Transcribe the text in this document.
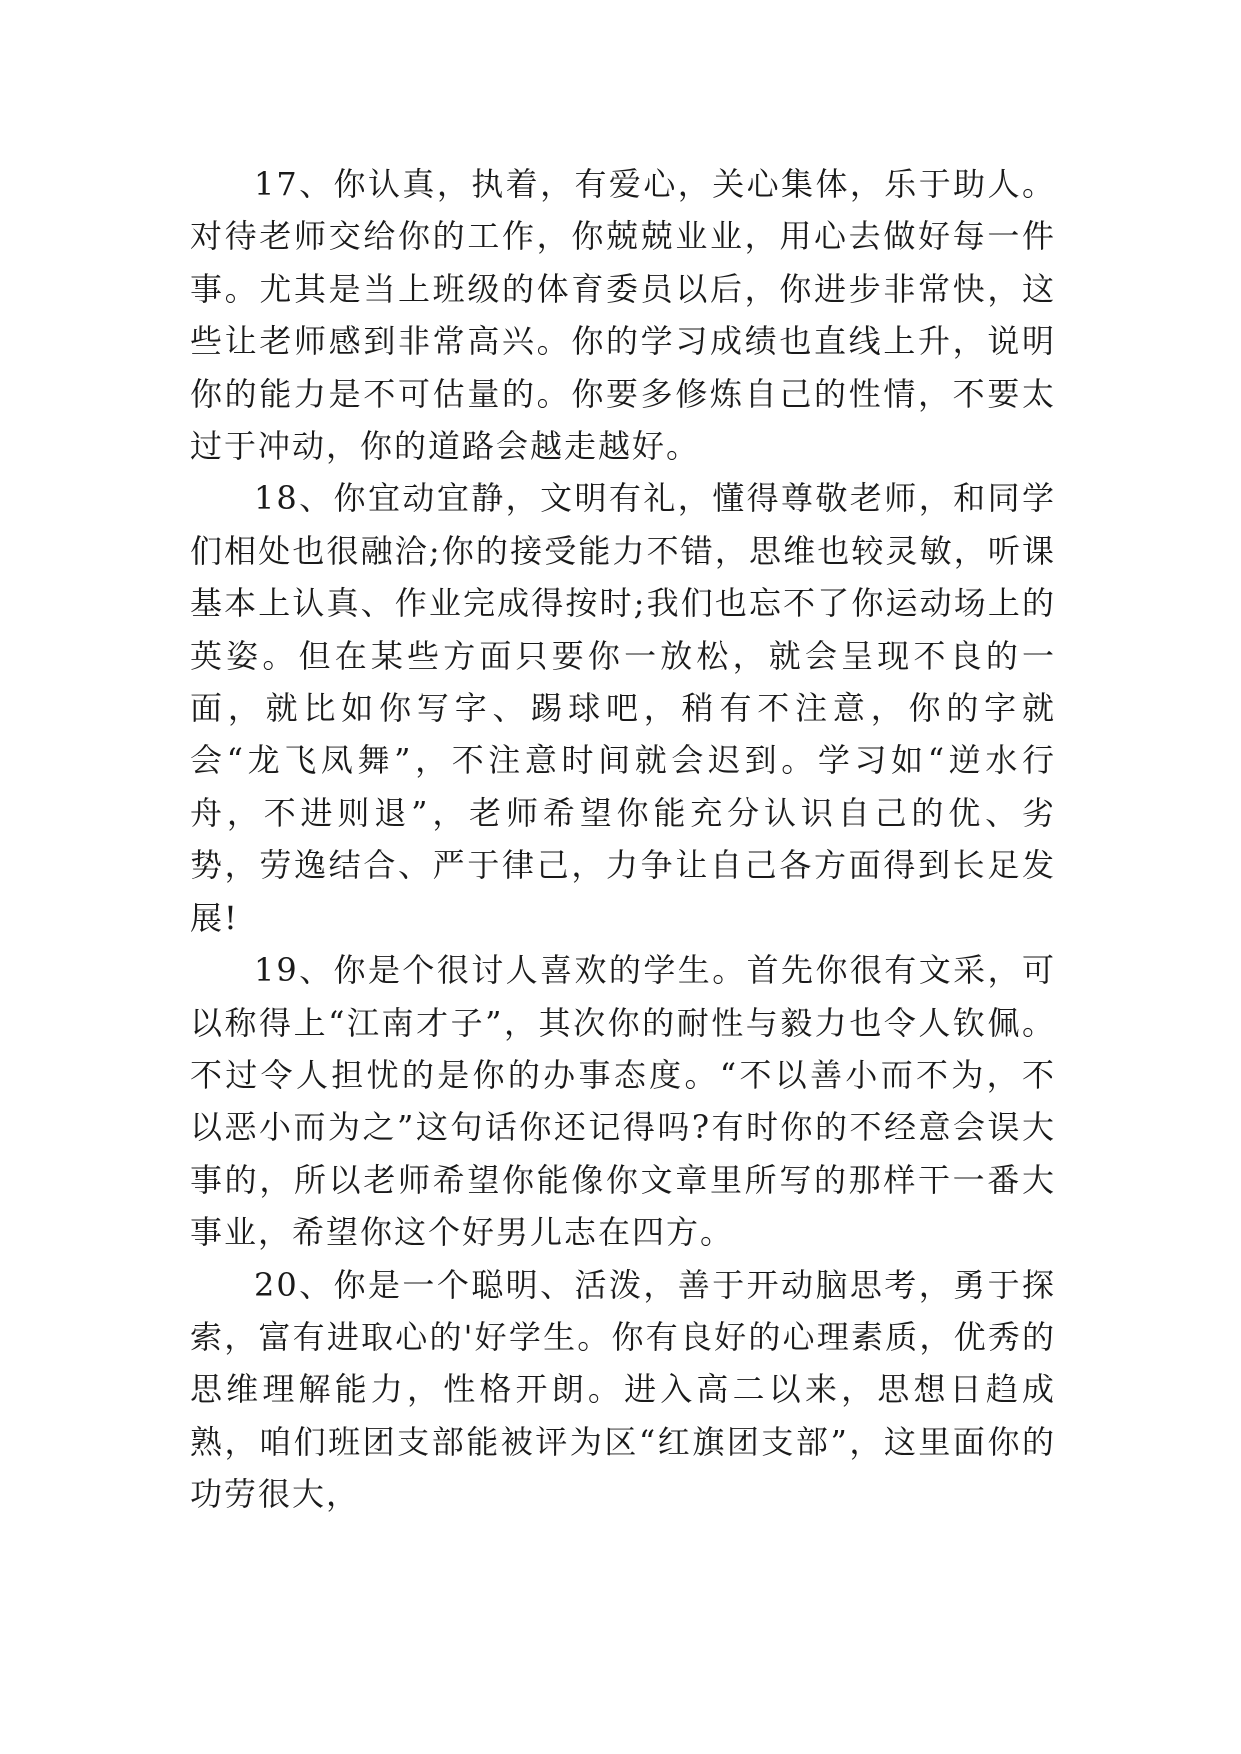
17、你认真，执着，有爱心，关心集体，乐于助人。对待老师交给你的工作，你兢兢业业，用心去做好每一件事。尤其是当上班级的体育委员以后，你进步非常快，这些让老师感到非常高兴。你的学习成绩也直线上升，说明你的能力是不可估量的。你要多修炼自己的性情，不要太过于冲动，你的道路会越走越好。

18、你宜动宜静，文明有礼，懂得尊敬老师，和同学们相处也很融洽;你的接受能力不错，思维也较灵敏，听课基本上认真、作业完成得按时;我们也忘不了你运动场上的英姿。但在某些方面只要你一放松，就会呈现不良的一面，就比如你写字、踢球吧，稍有不注意，你的字就会“龙飞凤舞”，不注意时间就会迟到。学习如“逆水行舟，不进则退”，老师希望你能充分认识自己的优、劣势，劳逸结合、严于律己，力争让自己各方面得到长足发展!

19、你是个很讨人喜欢的学生。首先你很有文采，可以称得上“江南才子”，其次你的耐性与毅力也令人钦佩。不过令人担忧的是你的办事态度。“不以善小而不为，不以恶小而为之”这句话你还记得吗?有时你的不经意会误大事的，所以老师希望你能像你文章里所写的那样干一番大事业，希望你这个好男儿志在四方。

20、你是一个聪明、活泼，善于开动脑思考，勇于探索，富有进取心的'好学生。你有良好的心理素质，优秀的思维理解能力，性格开朗。进入高二以来，思想日趋成熟，咱们班团支部能被评为区“红旗团支部”，这里面你的功劳很大，
